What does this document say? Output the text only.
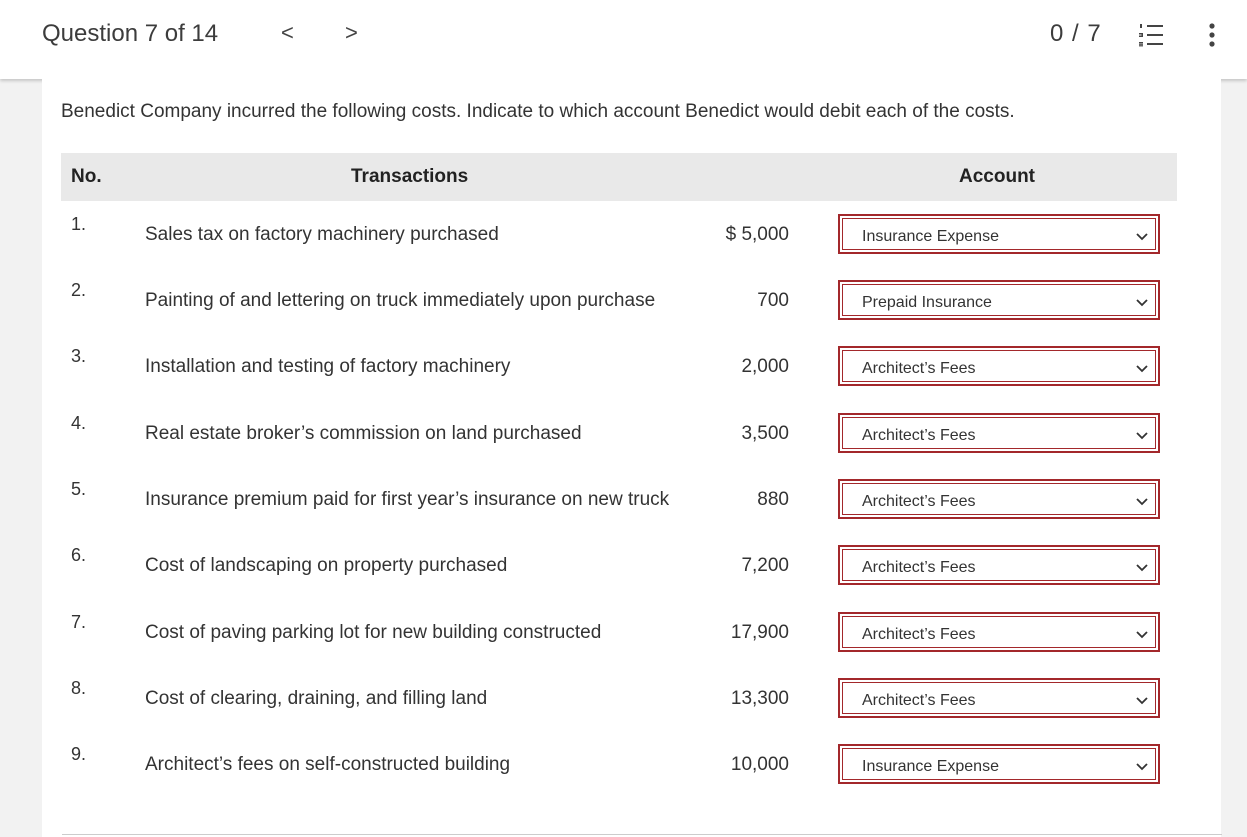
Question 7 of 14	< >	0 / 7
Benedict Company incurred the following costs. Indicate to which account Benedict would debit each of the costs.
No.	Transactions	Account
1.	Sales tax on factory machinery purchased	$ 5,000	Insurance Expense
2.	Painting of and lettering on truck immediately upon purchase	700	Prepaid Insurance
3.	Installation and testing of factory machinery	2,000	Architect’s Fees
4.	Real estate broker’s commission on land purchased	3,500	Architect’s Fees
5.	Insurance premium paid for first year’s insurance on new truck	880	Architect’s Fees
6.	Cost of landscaping on property purchased	7,200	Architect’s Fees
7.	Cost of paving parking lot for new building constructed	17,900	Architect’s Fees
8.	Cost of clearing, draining, and filling land	13,300	Architect’s Fees
9.	Architect’s fees on self-constructed building	10,000	Insurance Expense
